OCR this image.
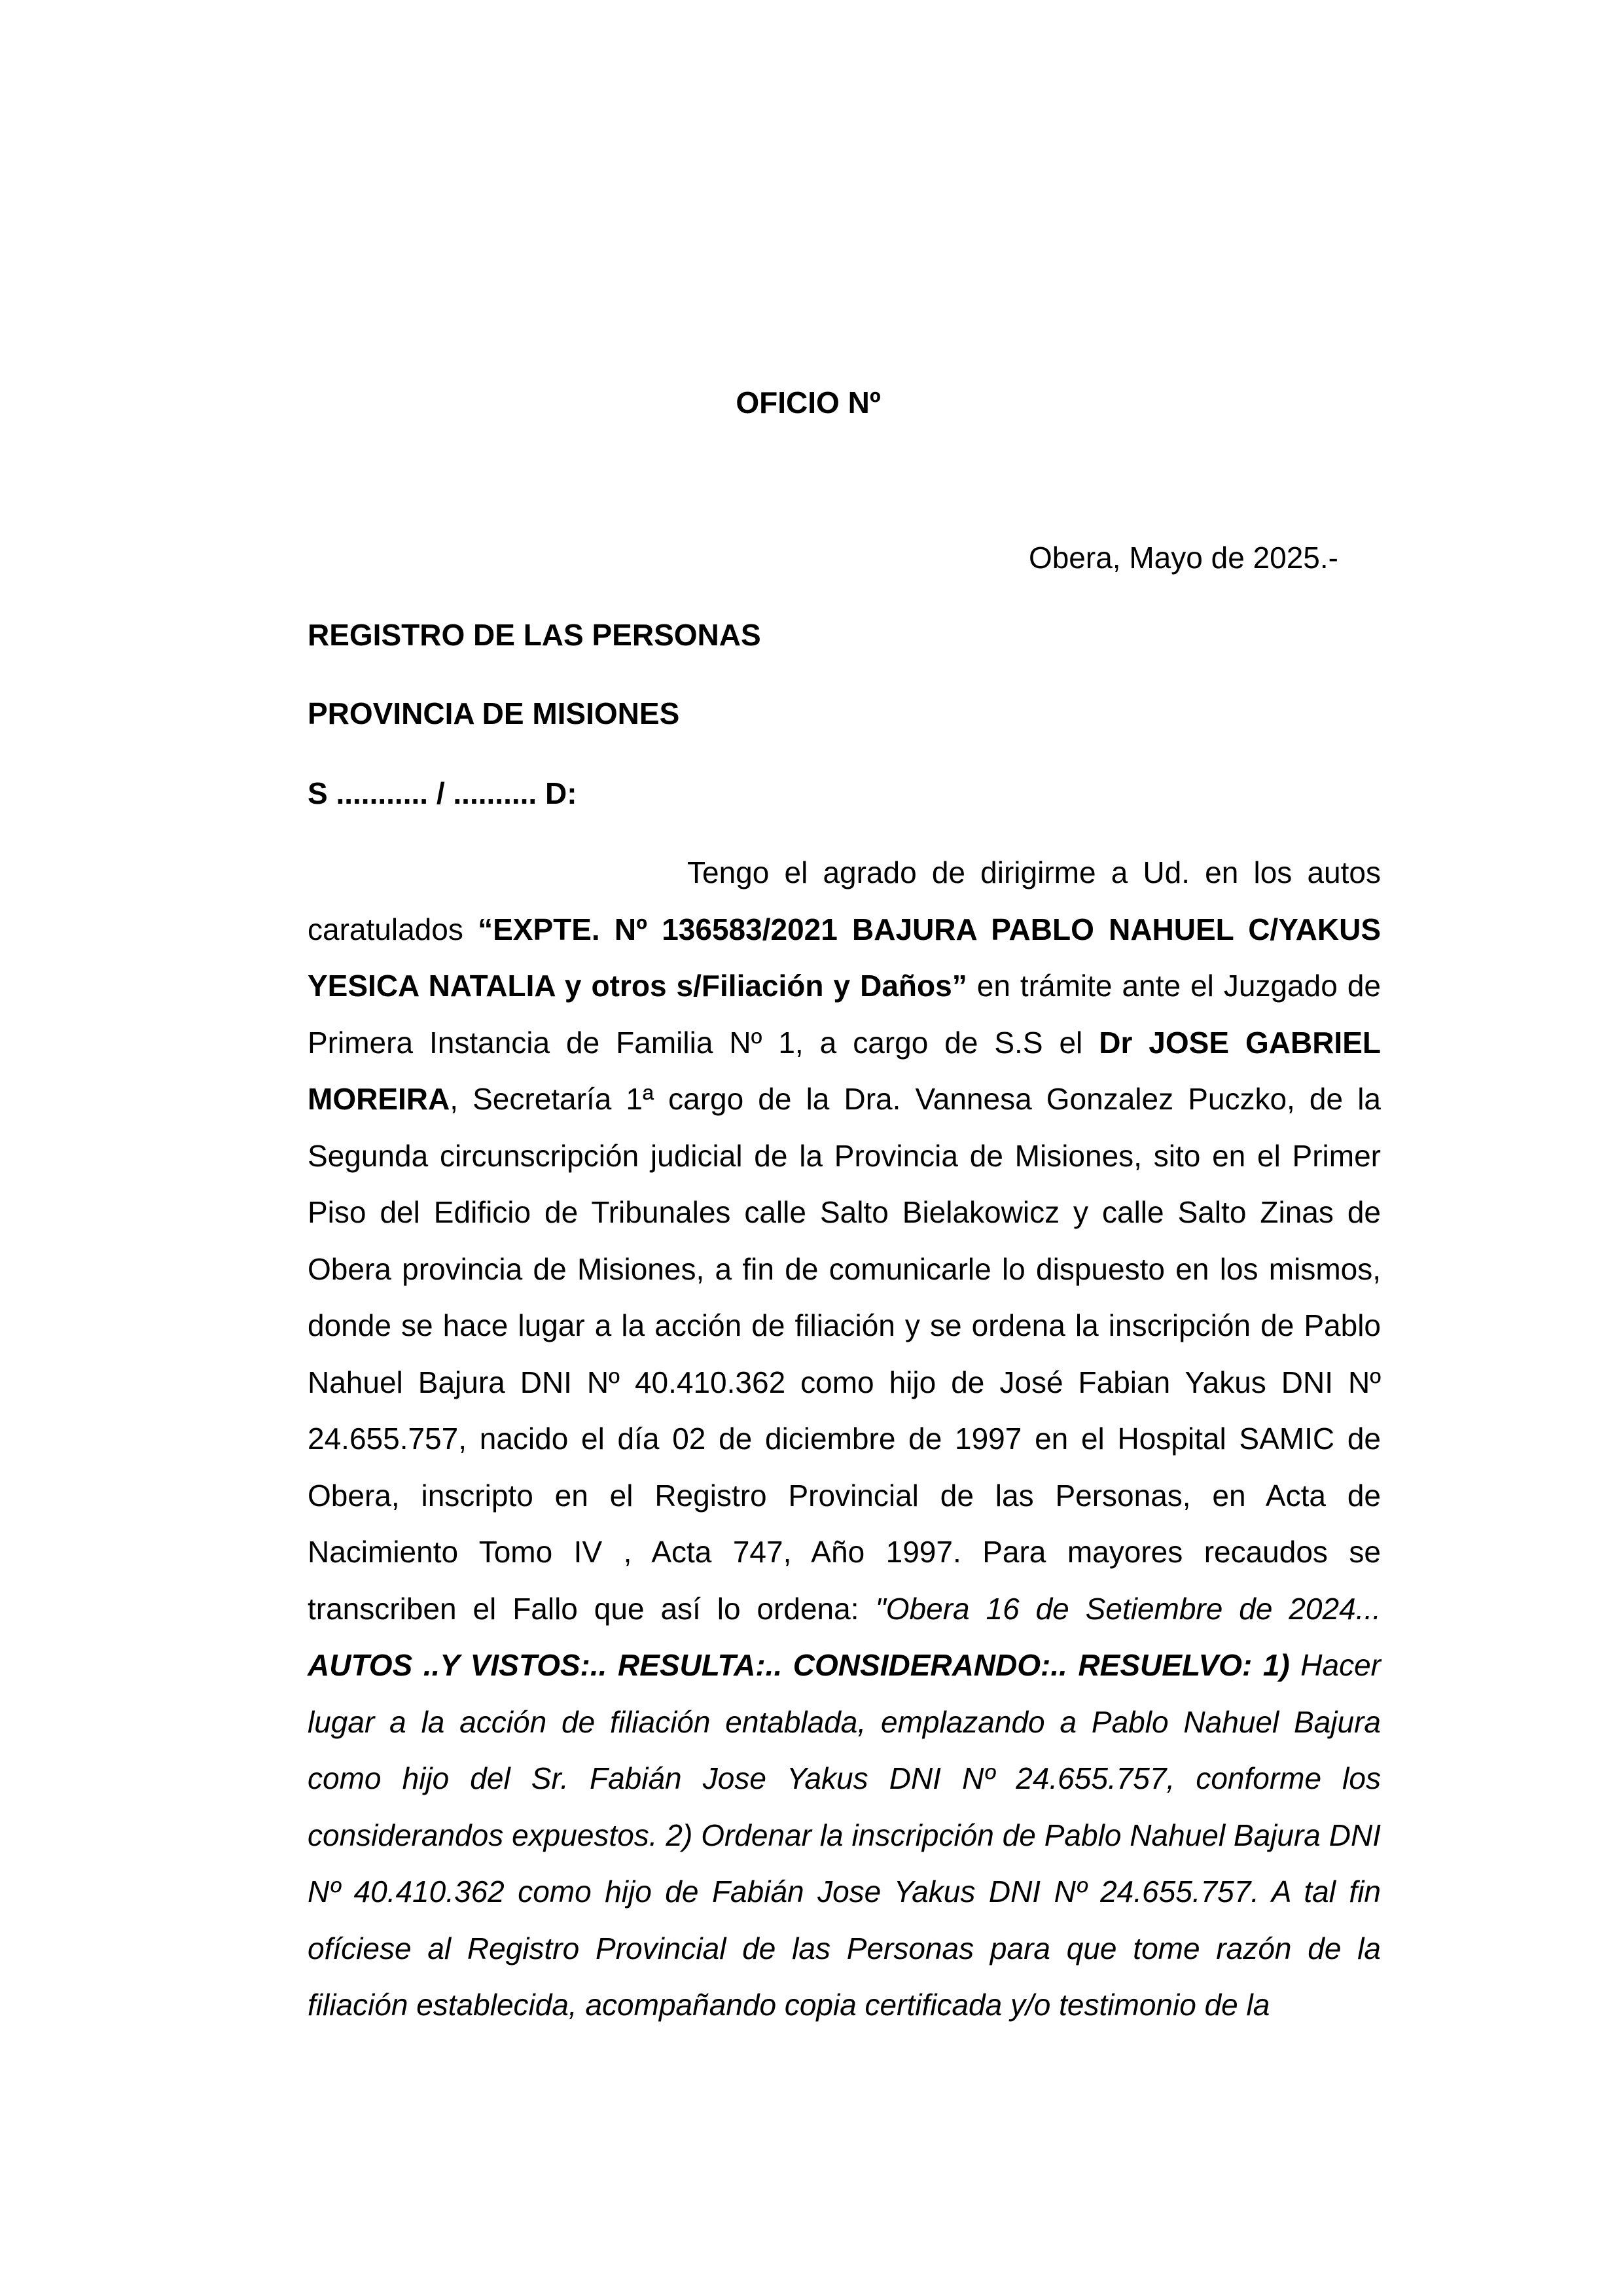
OFICIO Nº
Obera, Mayo de 2025.-
REGISTRO DE LAS PERSONAS
PROVINCIA DE MISIONES
S ........... / .......... D:
Tengo el agrado de dirigirme a Ud. en los autos caratulados “EXPTE. Nº 136583/2021 BAJURA PABLO NAHUEL C/YAKUS YESICA NATALIA y otros s/Filiación y Daños” en trámite ante el Juzgado de Primera Instancia de Familia Nº 1, a cargo de S.S el Dr JOSE GABRIEL MOREIRA, Secretaría 1ª cargo de la Dra. Vannesa Gonzalez Puczko, de la Segunda circunscripción judicial de la Provincia de Misiones, sito en el Primer Piso del Edificio de Tribunales calle Salto Bielakowicz y calle Salto Zinas de Obera provincia de Misiones, a fin de comunicarle lo dispuesto en los mismos, donde se hace lugar a la acción de filiación y se ordena la inscripción de Pablo Nahuel Bajura DNI Nº 40.410.362 como hijo de José Fabian Yakus DNI Nº 24.655.757, nacido el día 02 de diciembre de 1997 en el Hospital SAMIC de Obera, inscripto en el Registro Provincial de las Personas, en Acta de Nacimiento Tomo IV , Acta 747, Año 1997. Para mayores recaudos se transcriben el Fallo que así lo ordena: "Obera 16 de Setiembre de 2024... AUTOS ..Y VISTOS:.. RESULTA:.. CONSIDERANDO:.. RESUELVO: 1) Hacer lugar a la acción de filiación entablada, emplazando a Pablo Nahuel Bajura como hijo del Sr. Fabián Jose Yakus DNI Nº 24.655.757, conforme los considerandos expuestos. 2) Ordenar la inscripción de Pablo Nahuel Bajura DNI Nº 40.410.362 como hijo de Fabián Jose Yakus DNI Nº 24.655.757. A tal fin ofíciese al Registro Provincial de las Personas para que tome razón de la filiación establecida, acompañando copia certificada y/o testimonio de la
